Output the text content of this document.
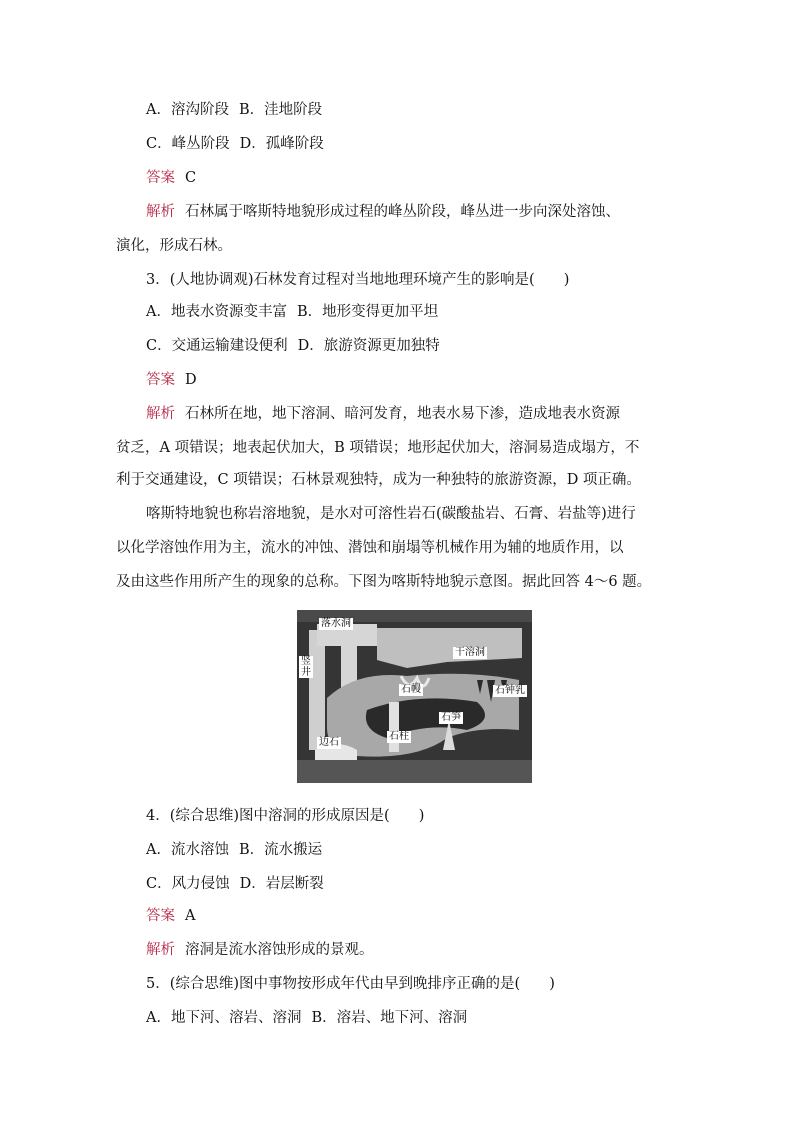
A．溶沟阶段 B．洼地阶段
C．峰丛阶段 D．孤峰阶段
答案 C
解析 石林属于喀斯特地貌形成过程的峰丛阶段，峰丛进一步向深处溶蚀、
演化，形成石林。
3．(人地协调观)石林发育过程对当地地理环境产生的影响是(　　)
A．地表水资源变丰富 B．地形变得更加平坦
C．交通运输建设便利 D．旅游资源更加独特
答案 D
解析 石林所在地，地下溶洞、暗河发育，地表水易下渗，造成地表水资源
贫乏，A 项错误；地表起伏加大，B 项错误；地形起伏加大，溶洞易造成塌方，不
利于交通建设，C 项错误；石林景观独特，成为一种独特的旅游资源，D 项正确。
喀斯特地貌也称岩溶地貌，是水对可溶性岩石(碳酸盐岩、石膏、岩盐等)进行
以化学溶蚀作用为主，流水的冲蚀、潜蚀和崩塌等机械作用为辅的地质作用，以
及由这些作用所产生的现象的总称。下图为喀斯特地貌示意图。据此回答 4～6 题。
落水洞
竖井
干溶洞
石幔	石钟乳
石笋
石柱
边石
4．(综合思维)图中溶洞的形成原因是(　　)
A．流水溶蚀 B．流水搬运
C．风力侵蚀 D．岩层断裂
答案 A
解析 溶洞是流水溶蚀形成的景观。
5．(综合思维)图中事物按形成年代由早到晚排序正确的是(　　)
A．地下河、溶岩、溶洞 B．溶岩、地下河、溶洞
